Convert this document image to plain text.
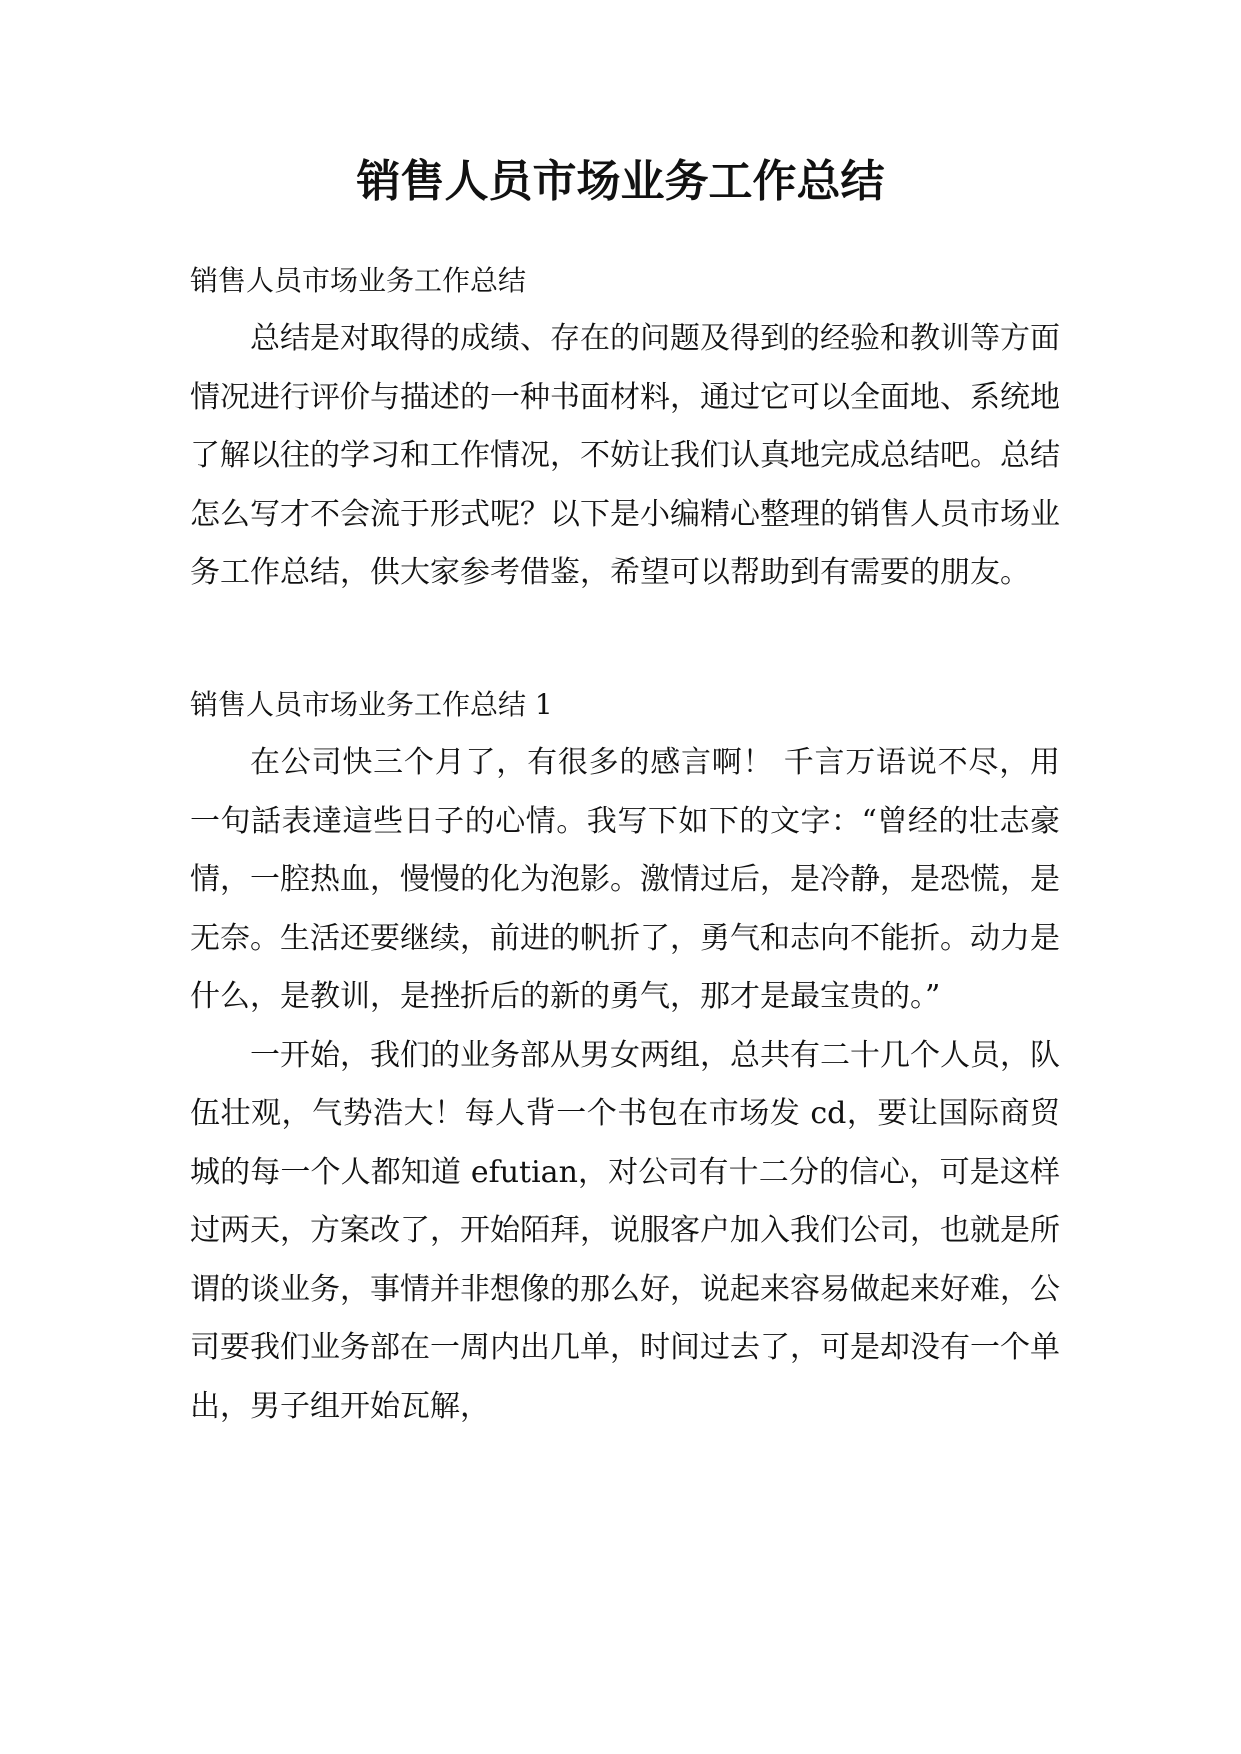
销售人员市场业务工作总结

销售人员市场业务工作总结

总结是对取得的成绩、存在的问题及得到的经验和教训等方面情况进行评价与描述的一种书面材料，通过它可以全面地、系统地了解以往的学习和工作情况，不妨让我们认真地完成总结吧。总结怎么写才不会流于形式呢？以下是小编精心整理的销售人员市场业务工作总结，供大家参考借鉴，希望可以帮助到有需要的朋友。

销售人员市场业务工作总结 1

在公司快三个月了，有很多的感言啊！ 千言万语说不尽，用一句話表達這些日子的心情。我写下如下的文字：“曾经的壮志豪情，一腔热血，慢慢的化为泡影。激情过后，是冷静，是恐慌，是无奈。生活还要继续，前进的帆折了，勇气和志向不能折。动力是什么，是教训，是挫折后的新的勇气，那才是最宝贵的。”

一开始，我们的业务部从男女两组，总共有二十几个人员，队伍壮观，气势浩大！每人背一个书包在市场发 cd，要让国际商贸城的每一个人都知道 efutian，对公司有十二分的信心，可是这样过两天，方案改了，开始陌拜，说服客户加入我们公司，也就是所谓的谈业务，事情并非想像的那么好，说起来容易做起来好难，公司要我们业务部在一周内出几单，时间过去了，可是却没有一个单出，男子组开始瓦解，
